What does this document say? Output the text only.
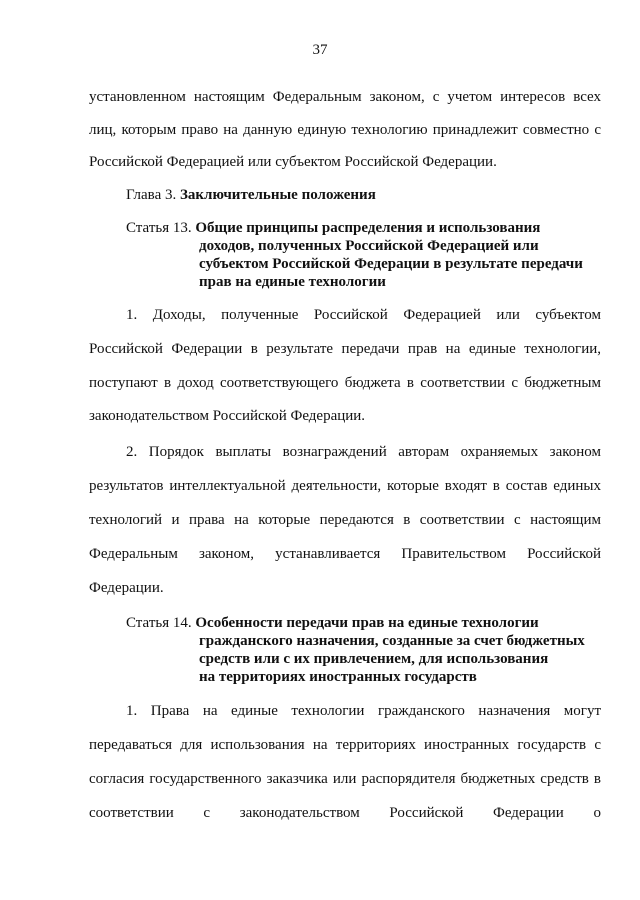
37
установленном настоящим Федеральным законом, с учетом интересов всех
лиц, которым право на данную единую технологию принадлежит совместно с
Российской Федерацией или субъектом Российской Федерации.
Глава 3. Заключительные положения
Статья 13. Общие принципы распределения и использования
доходов, полученных Российской Федерацией или
субъектом Российской Федерации в результате передачи
прав на единые технологии
1. Доходы, полученные Российской Федерацией или субъектом
Российской Федерации в результате передачи прав на единые технологии,
поступают в доход соответствующего бюджета в соответствии с бюджетным
законодательством Российской Федерации.
2. Порядок выплаты вознаграждений авторам охраняемых законом
результатов интеллектуальной деятельности, которые входят в состав единых
технологий и права на которые передаются в соответствии с настоящим
Федеральным законом, устанавливается Правительством Российской
Федерации.
Статья 14. Особенности передачи прав на единые технологии
гражданского назначения, созданные за счет бюджетных
средств или с их привлечением, для использования
на территориях иностранных государств
1. Права на единые технологии гражданского назначения могут
передаваться для использования на территориях иностранных государств с
согласия государственного заказчика или распорядителя бюджетных средств в
соответствии с законодательством Российской Федерации о
